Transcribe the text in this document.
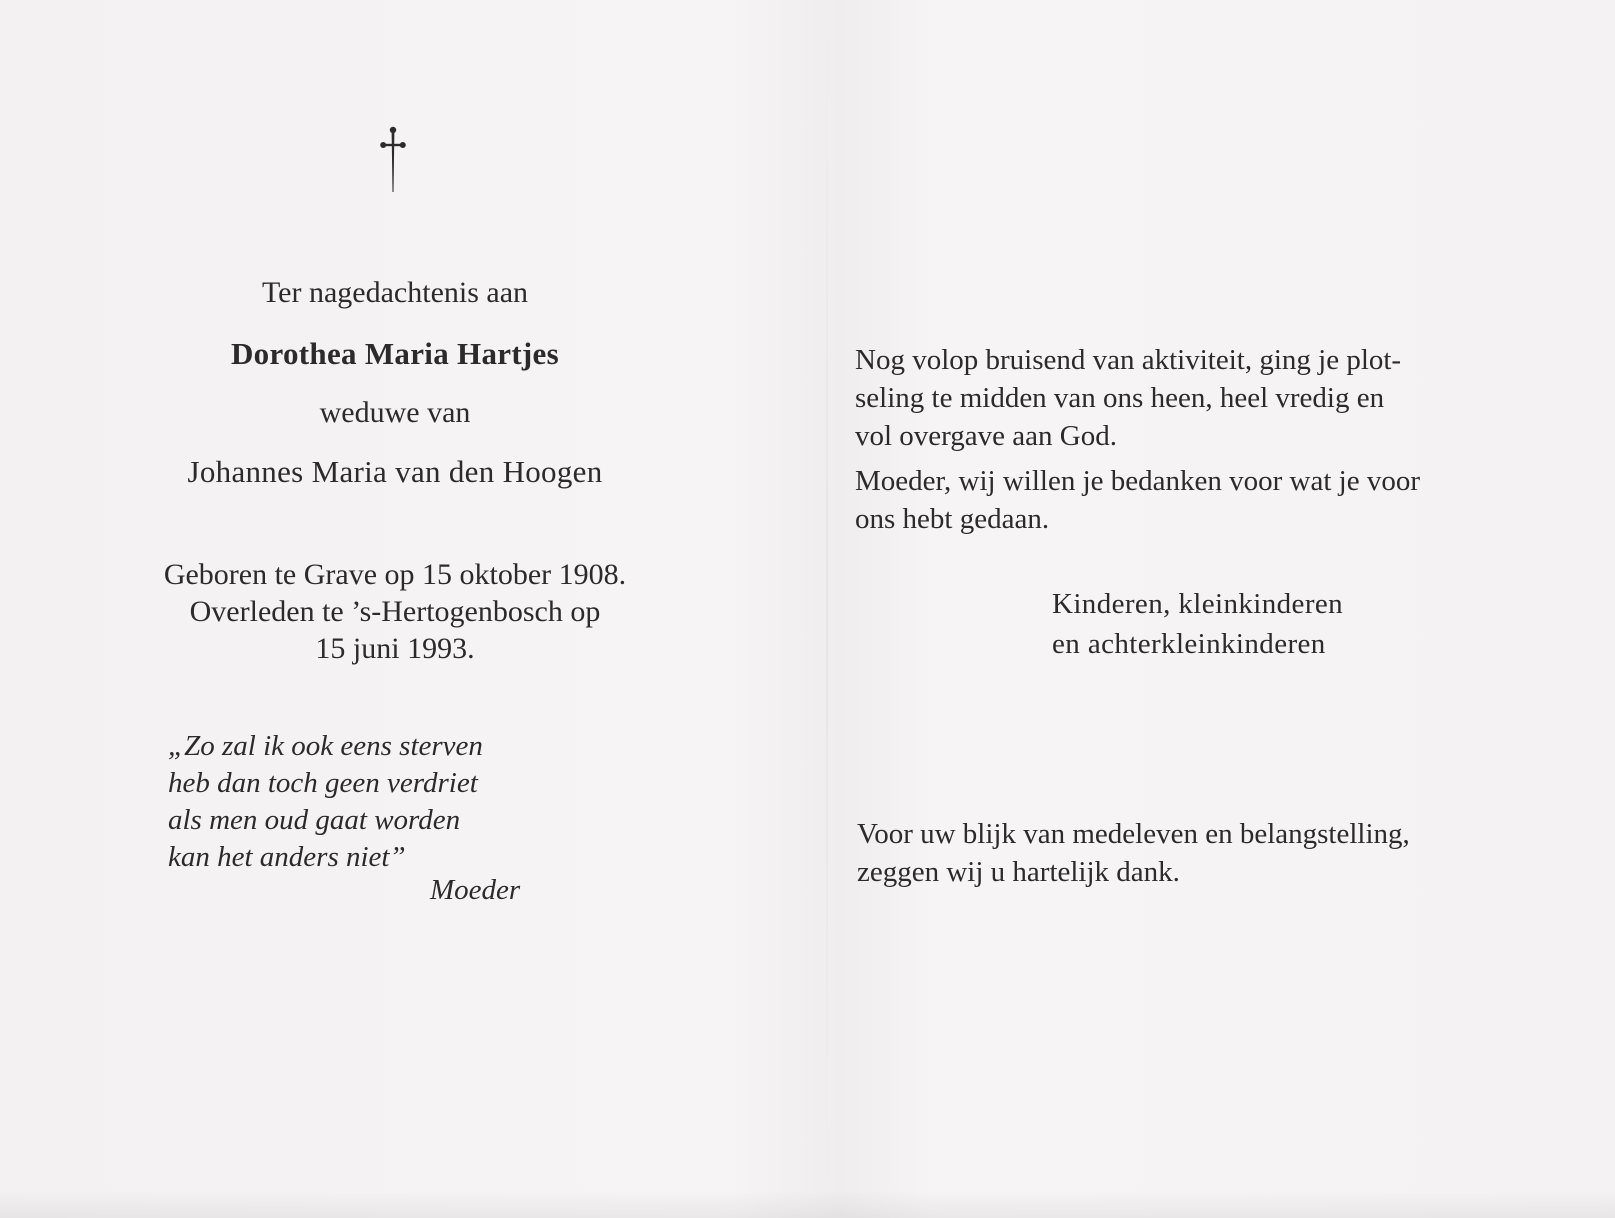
Ter nagedachtenis aan
Dorothea Maria Hartjes
weduwe van
Johannes Maria van den Hoogen
Geboren te Grave op 15 oktober 1908.
Overleden te ’s-Hertogenbosch op
15 juni 1993.
„Zo zal ik ook eens sterven
heb dan toch geen verdriet
als men oud gaat worden
kan het anders niet”
Moeder
Nog volop bruisend van aktiviteit, ging je plot-
seling te midden van ons heen, heel vredig en
vol overgave aan God.
Moeder, wij willen je bedanken voor wat je voor
ons hebt gedaan.
Kinderen, kleinkinderen
en achterkleinkinderen
Voor uw blijk van medeleven en belangstelling,
zeggen wij u hartelijk dank.
